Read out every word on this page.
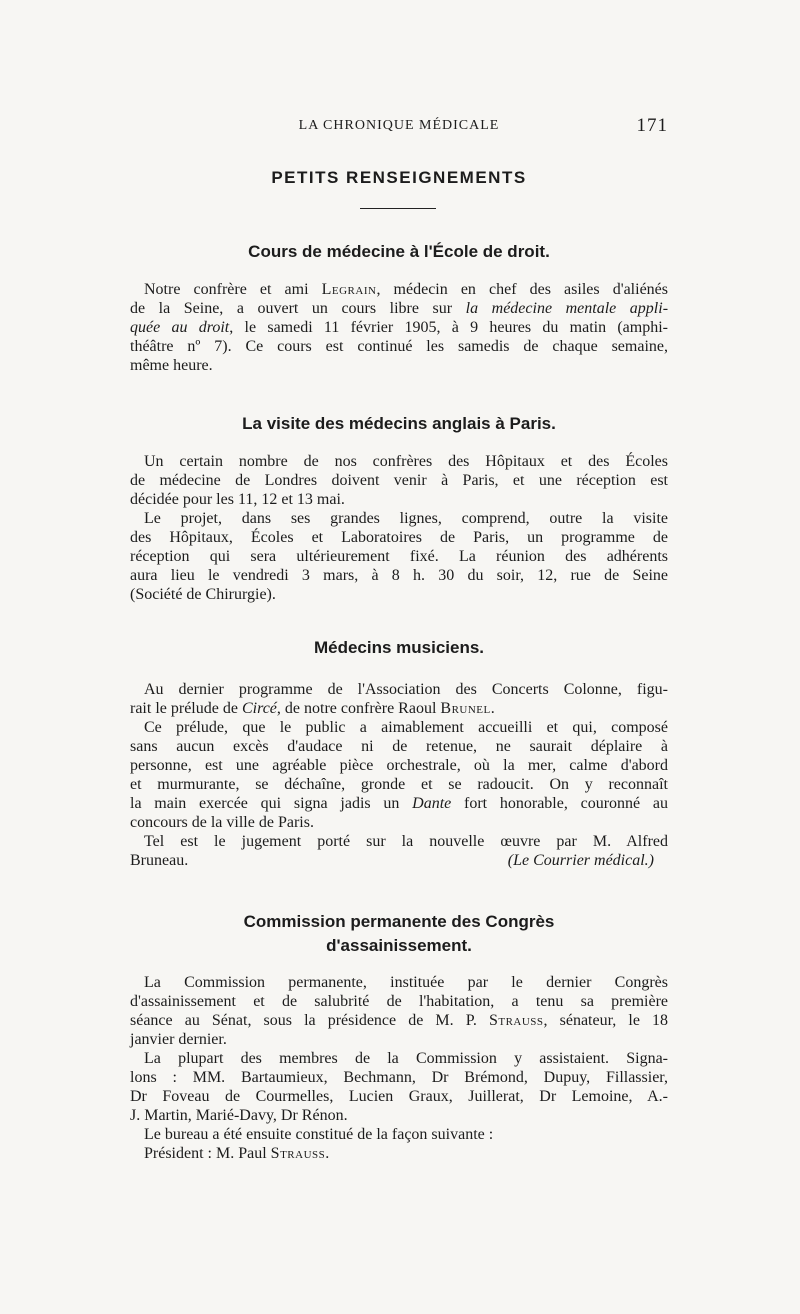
LA CHRONIQUE MÉDICALE	171
PETITS RENSEIGNEMENTS
Cours de médecine à l'École de droit.
Notre confrère et ami Legrain, médecin en chef des asiles d'aliénés
de la Seine, a ouvert un cours libre sur la médecine mentale appli-
quée au droit, le samedi 11 février 1905, à 9 heures du matin (amphi-
théâtre nº 7). Ce cours est continué les samedis de chaque semaine,
même heure.
La visite des médecins anglais à Paris.
Un certain nombre de nos confrères des Hôpitaux et des Écoles
de médecine de Londres doivent venir à Paris, et une réception est
décidée pour les 11, 12 et 13 mai.
Le projet, dans ses grandes lignes, comprend, outre la visite
des Hôpitaux, Écoles et Laboratoires de Paris, un programme de
réception qui sera ultérieurement fixé. La réunion des adhérents
aura lieu le vendredi 3 mars, à 8 h. 30 du soir, 12, rue de Seine
(Société de Chirurgie).
Médecins musiciens.
Au dernier programme de l'Association des Concerts Colonne, figu-
rait le prélude de Circé, de notre confrère Raoul Brunel.
Ce prélude, que le public a aimablement accueilli et qui, composé
sans aucun excès d'audace ni de retenue, ne saurait déplaire à
personne, est une agréable pièce orchestrale, où la mer, calme d'abord
et murmurante, se déchaîne, gronde et se radoucit. On y reconnaît
la main exercée qui signa jadis un Dante fort honorable, couronné au
concours de la ville de Paris.
Tel est le jugement porté sur la nouvelle œuvre par M. Alfred
Bruneau.	(Le Courrier médical.)
Commission permanente des Congrès
d'assainissement.
La Commission permanente, instituée par le dernier Congrès
d'assainissement et de salubrité de l'habitation, a tenu sa première
séance au Sénat, sous la présidence de M. P. Strauss, sénateur, le 18
janvier dernier.
La plupart des membres de la Commission y assistaient. Signa-
lons : MM. Bartaumieux, Bechmann, Dr Brémond, Dupuy, Fillassier,
Dr Foveau de Courmelles, Lucien Graux, Juillerat, Dr Lemoine, A.-
J. Martin, Marié-Davy, Dr Rénon.
Le bureau a été ensuite constitué de la façon suivante :
Président : M. Paul Strauss.
